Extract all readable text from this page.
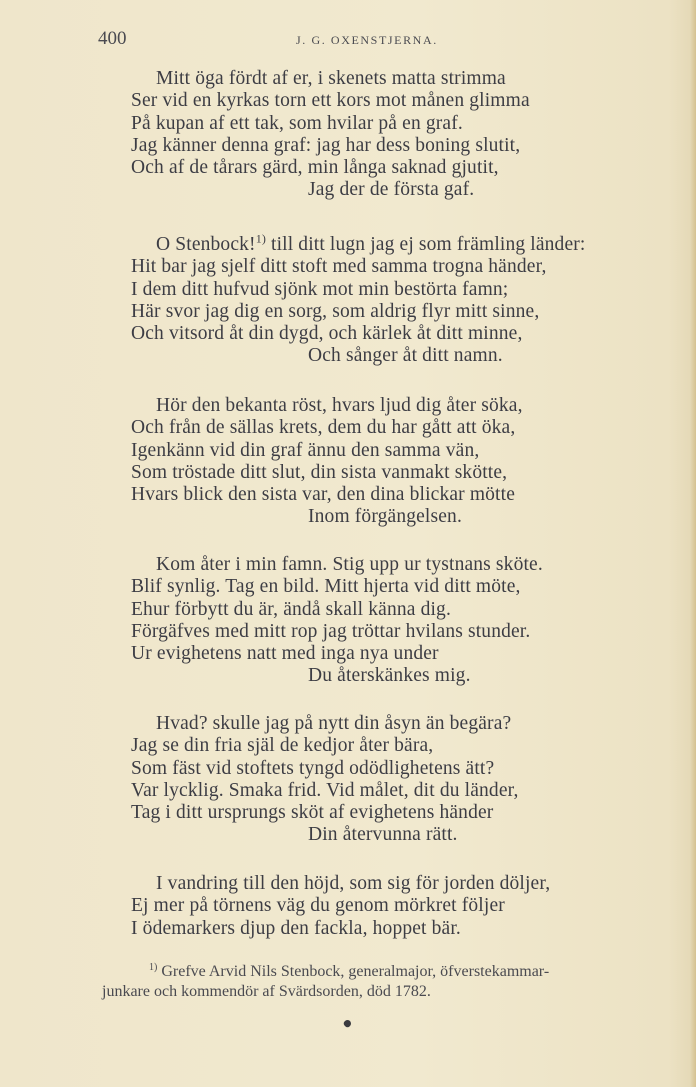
400	J. G. OXENSTJERNA.
Mitt öga fördt af er, i skenets matta strimma
Ser vid en kyrkas torn ett kors mot månen glimma
På kupan af ett tak, som hvilar på en graf.
Jag känner denna graf: jag har dess boning slutit,
Och af de tårars gärd, min långa saknad gjutit,
Jag der de första gaf.
O Stenbock!$^{1)}$ till ditt lugn jag ej som främling länder:
Hit bar jag sjelf ditt stoft med samma trogna händer,
I dem ditt hufvud sjönk mot min bestörta famn;
Här svor jag dig en sorg, som aldrig flyr mitt sinne,
Och vitsord åt din dygd, och kärlek åt ditt minne,
Och sånger åt ditt namn.
Hör den bekanta röst, hvars ljud dig åter söka,
Och från de sällas krets, dem du har gått att öka,
Igenkänn vid din graf ännu den samma vän,
Som tröstade ditt slut, din sista vanmakt skötte,
Hvars blick den sista var, den dina blickar mötte
Inom förgängelsen.
Kom åter i min famn. Stig upp ur tystnans sköte.
Blif synlig. Tag en bild. Mitt hjerta vid ditt möte,
Ehur förbytt du är, ändå skall känna dig.
Förgäfves med mitt rop jag tröttar hvilans stunder.
Ur evighetens natt med inga nya under
Du återskänkes mig.
Hvad? skulle jag på nytt din åsyn än begära?
Jag se din fria själ de kedjor åter bära,
Som fäst vid stoftets tyngd odödlighetens ätt?
Var lycklig. Smaka frid. Vid målet, dit du länder,
Tag i ditt ursprungs sköt af evighetens händer
Din återvunna rätt.
I vandring till den höjd, som sig för jorden döljer,
Ej mer på törnens väg du genom mörkret följer
I ödemarkers djup den fackla, hoppet bär.
$^{1)}$ Grefve Arvid Nils Stenbock, generalmajor, öfverstekammar-
junkare och kommendör af Svärdsorden, död 1782.
